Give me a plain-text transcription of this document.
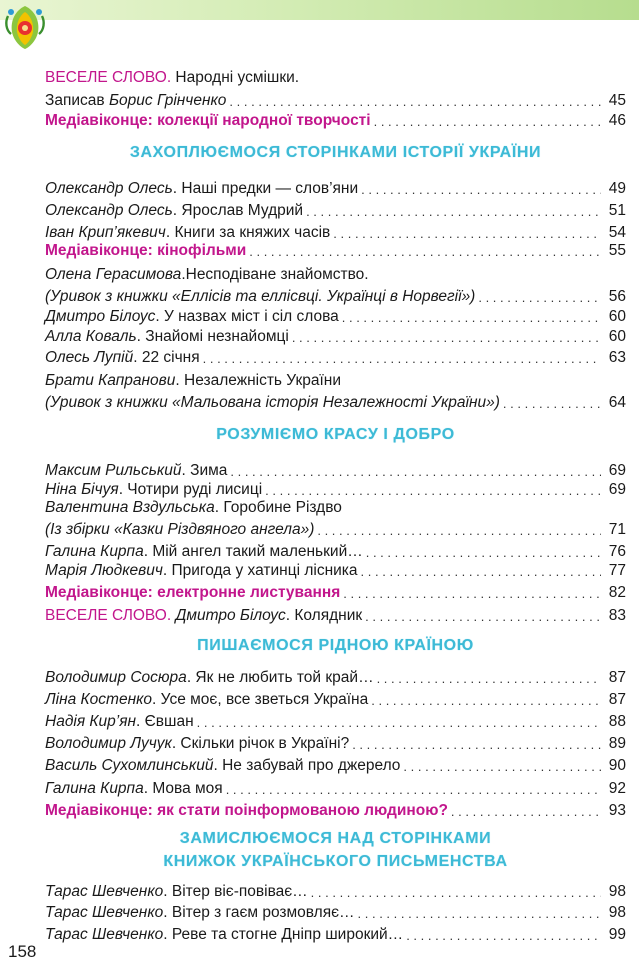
ВЕСЕЛЕ СЛОВО. Народні усмішки.
Записав Борис Грінченко . . .	45
Медіавіконце: колекції народної творчості . . .	46
ЗАХОПЛЮЄМОСЯ СТОРІНКАМИ ІСТОРІЇ УКРАЇНИ
Олександр Олесь. Наші предки — слов’яни . . .	49
Олександр Олесь. Ярослав Мудрий . . .	51
Іван Крип’якевич. Книги за княжих часів . . .	54
Медіавіконце: кінофільми . . .	55
Олена Герасимова.Несподіване знайомство.
(Уривок з книжки «Еллісів та еллісвці. Українці в Норвегії») . . .	56
Дмитро Білоус. У назвах міст і сіл слова . . .	60
Алла Коваль. Знайомі незнайомці . . .	60
Олесь Лупій. 22 січня . . .	63
Брати Капранови. Незалежність України
(Уривок з книжки «Мальована історія Незалежності України») . . .	64
РОЗУМІЄМО КРАСУ І ДОБРО
Максим Рильський. Зима . . .	69
Ніна Бічуя. Чотири руді лисиці . . .	69
Валентина Вздульська. Горобине Різдво
(Із збірки «Казки Різдвяного ангела») . . .	71
Галина Кирпа. Мій ангел такий маленький… . . .	76
Марія Людкевич. Пригода у хатинці лісника . . .	77
Медіавіконце: електронне листування . . .	82
ВЕСЕЛЕ СЛОВО. Дмитро Білоус. Колядник . . .	83
ПИШАЄМОСЯ РІДНОЮ КРАЇНОЮ
Володимир Сосюра. Як не любить той край… . . .	87
Ліна Костенко. Усе моє, все зветься Україна . . .	87
Надія Кир’ян. Євшан . . .	88
Володимир Лучук. Скільки річок в Україні? . . .	89
Василь Сухомлинський. Не забувай про джерело . . .	90
Галина Кирпа. Мова моя . . .	92
Медіавіконце: як стати поінформованою людиною? . . .	93
ЗАМИСЛЮЄМОСЯ НАД СТОРІНКАМИ
КНИЖОК УКРАЇНСЬКОГО ПИСЬМЕНСТВА
Тарас Шевченко. Вітер віє-повіває… . . .	98
Тарас Шевченко. Вітер з гаєм розмовляє… . . .	98
Тарас Шевченко. Реве та стогне Дніпр широкий… . . .	99
158
